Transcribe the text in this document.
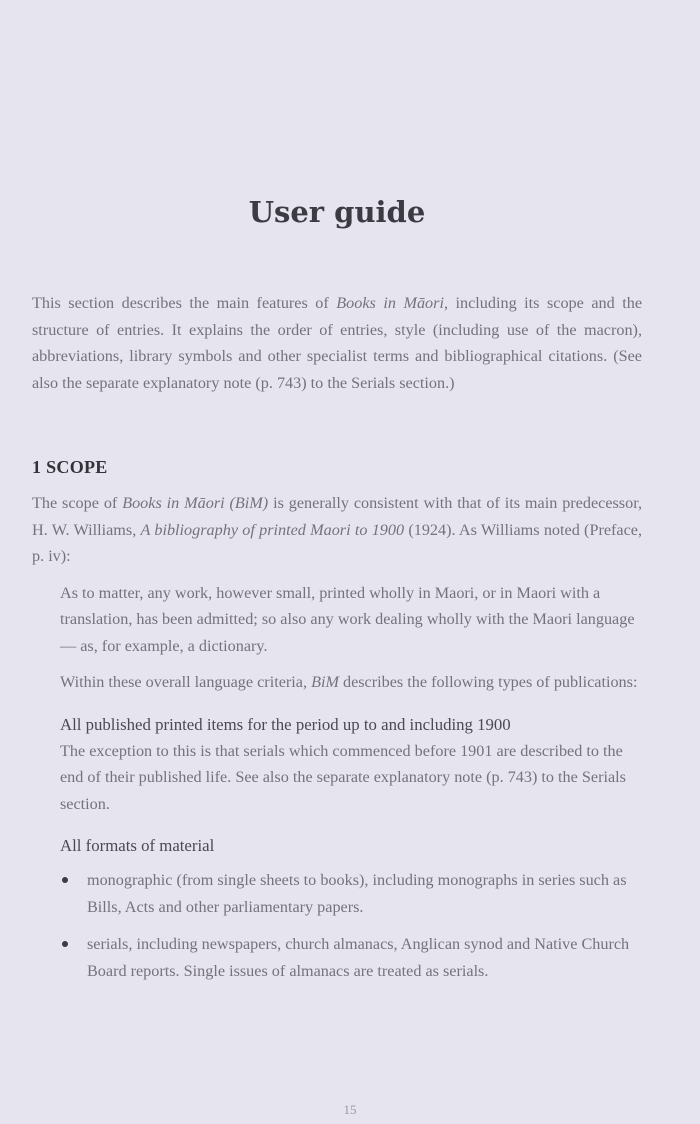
User guide

This section describes the main features of Books in Māori, including its scope and the structure of entries. It explains the order of entries, style (including use of the macron), abbreviations, library symbols and other specialist terms and bibliographical citations. (See also the separate explanatory note (p. 743) to the Serials section.)

1 SCOPE

The scope of Books in Māori (BiM) is generally consistent with that of its main predecessor, H. W. Williams, A bibliography of printed Maori to 1900 (1924). As Williams noted (Preface, p. iv):

As to matter, any work, however small, printed wholly in Maori, or in Maori with a translation, has been admitted; so also any work dealing wholly with the Maori language — as, for example, a dictionary.

Within these overall language criteria, BiM describes the following types of publications:

All published printed items for the period up to and including 1900

The exception to this is that serials which commenced before 1901 are described to the end of their published life. See also the separate explanatory note (p. 743) to the Serials section.

All formats of material

monographic (from single sheets to books), including monographs in series such as Bills, Acts and other parliamentary papers.
serials, including newspapers, church almanacs, Anglican synod and Native Church Board reports. Single issues of almanacs are treated as serials.
15
